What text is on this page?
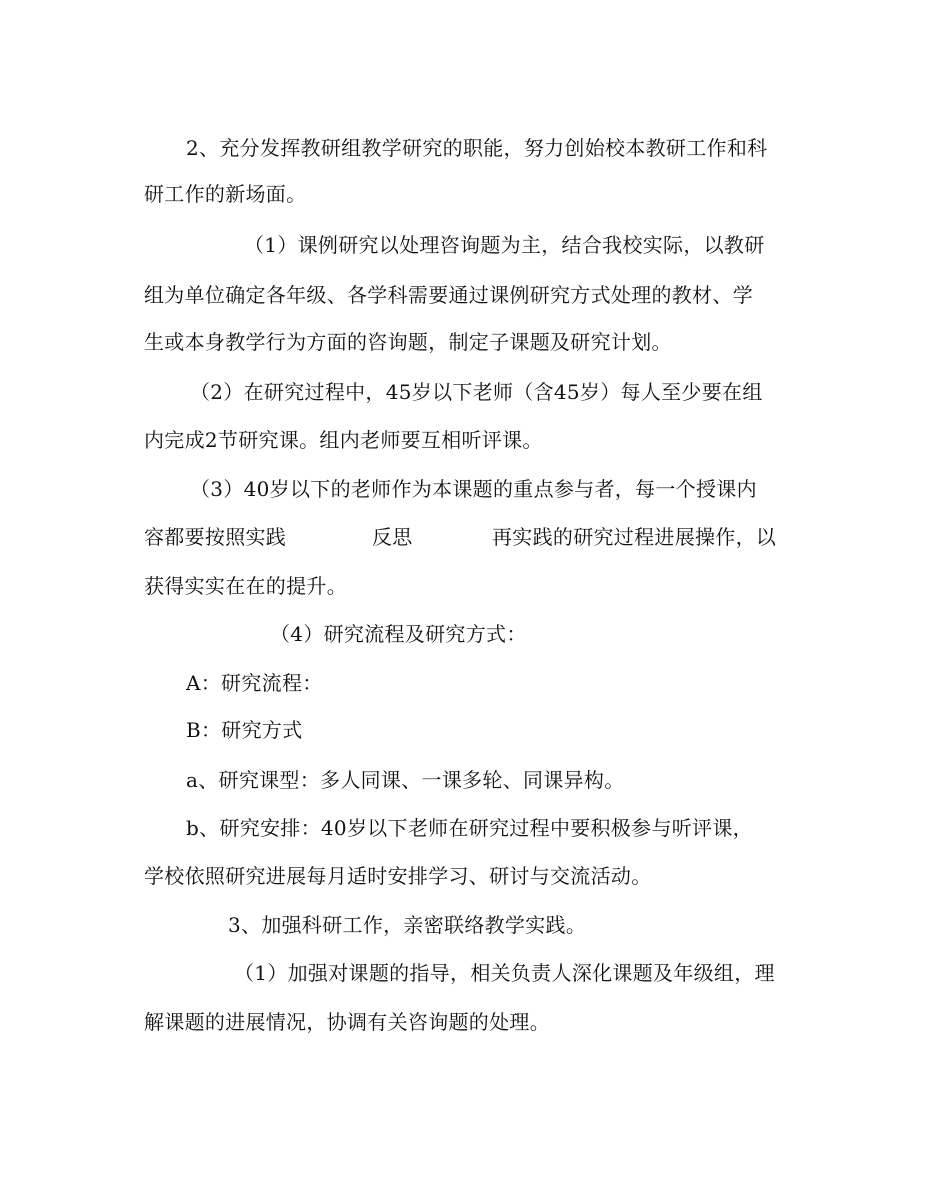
2、充分发挥教研组教学研究的职能，努力创始校本教研工作和科
研工作的新场面。
（1）课例研究以处理咨询题为主，结合我校实际，以教研
组为单位确定各年级、各学科需要通过课例研究方式处理的教材、学
生或本身教学行为方面的咨询题，制定子课题及研究计划。
（2）在研究过程中，45岁以下老师（含45岁）每人至少要在组
内完成2节研究课。组内老师要互相听评课。
（3）40岁以下的老师作为本课题的重点参与者，每一个授课内
容都要按照实践	反思	再实践的研究过程进展操作，以
获得实实在在的提升。
（4）研究流程及研究方式：
A：研究流程：
B：研究方式
a、研究课型：多人同课、一课多轮、同课异构。
b、研究安排：40岁以下老师在研究过程中要积极参与听评课，
学校依照研究进展每月适时安排学习、研讨与交流活动。
3、加强科研工作，亲密联络教学实践。
（1）加强对课题的指导，相关负责人深化课题及年级组，理
解课题的进展情况，协调有关咨询题的处理。
